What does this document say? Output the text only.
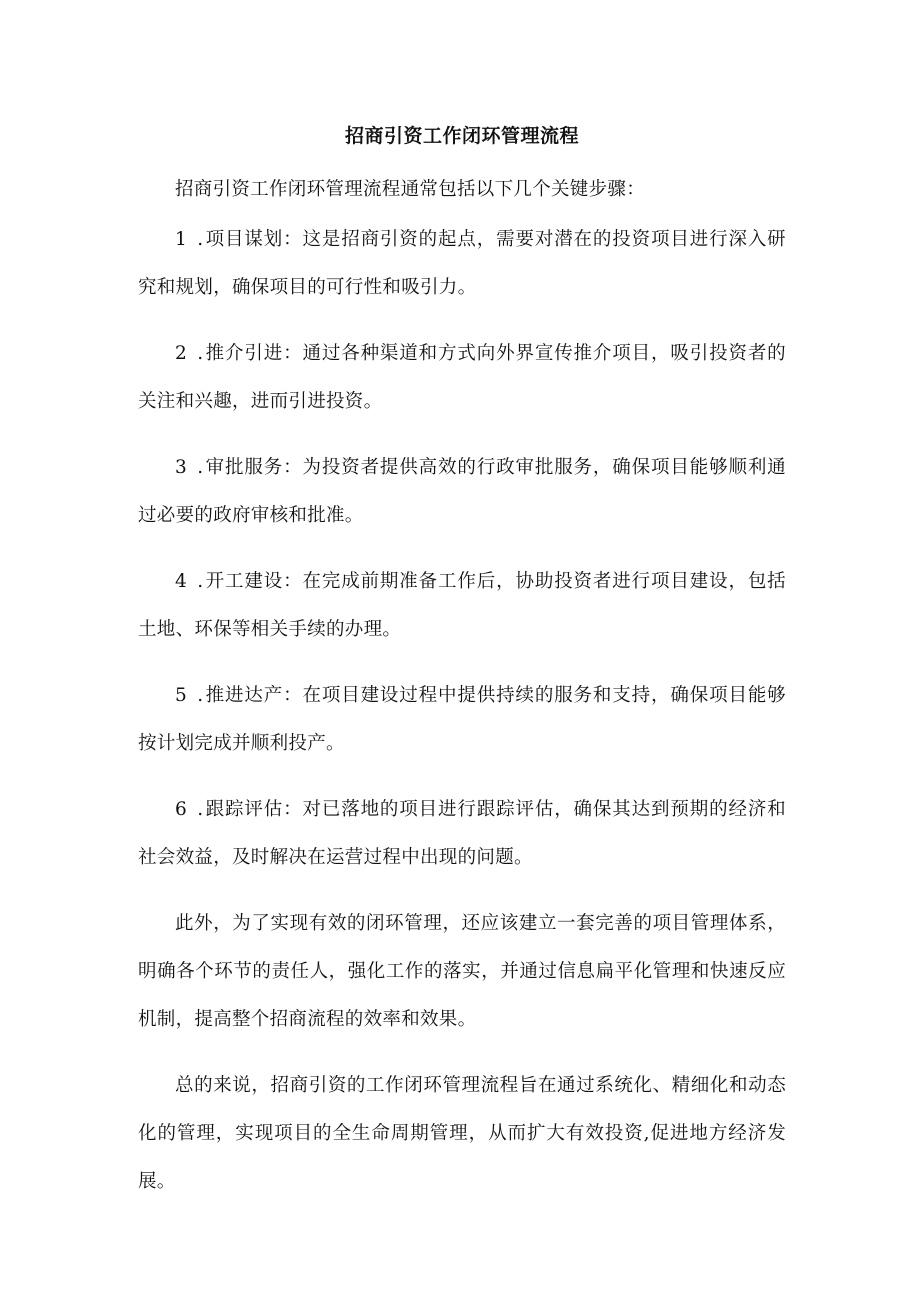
招商引资工作闭环管理流程

招商引资工作闭环管理流程通常包括以下几个关键步骤：

1 .项目谋划：这是招商引资的起点，需要对潜在的投资项目进行深入研究和规划，确保项目的可行性和吸引力。

2 .推介引进：通过各种渠道和方式向外界宣传推介项目，吸引投资者的关注和兴趣，进而引进投资。

3 .审批服务：为投资者提供高效的行政审批服务，确保项目能够顺利通过必要的政府审核和批准。

4 .开工建设：在完成前期准备工作后，协助投资者进行项目建设，包括土地、环保等相关手续的办理。

5 .推进达产：在项目建设过程中提供持续的服务和支持，确保项目能够按计划完成并顺利投产。

6 .跟踪评估：对已落地的项目进行跟踪评估，确保其达到预期的经济和社会效益，及时解决在运营过程中出现的问题。

此外，为了实现有效的闭环管理，还应该建立一套完善的项目管理体系，明确各个环节的责任人，强化工作的落实，并通过信息扁平化管理和快速反应机制，提高整个招商流程的效率和效果。

总的来说，招商引资的工作闭环管理流程旨在通过系统化、精细化和动态化的管理，实现项目的全生命周期管理，从而扩大有效投资,促进地方经济发展。
